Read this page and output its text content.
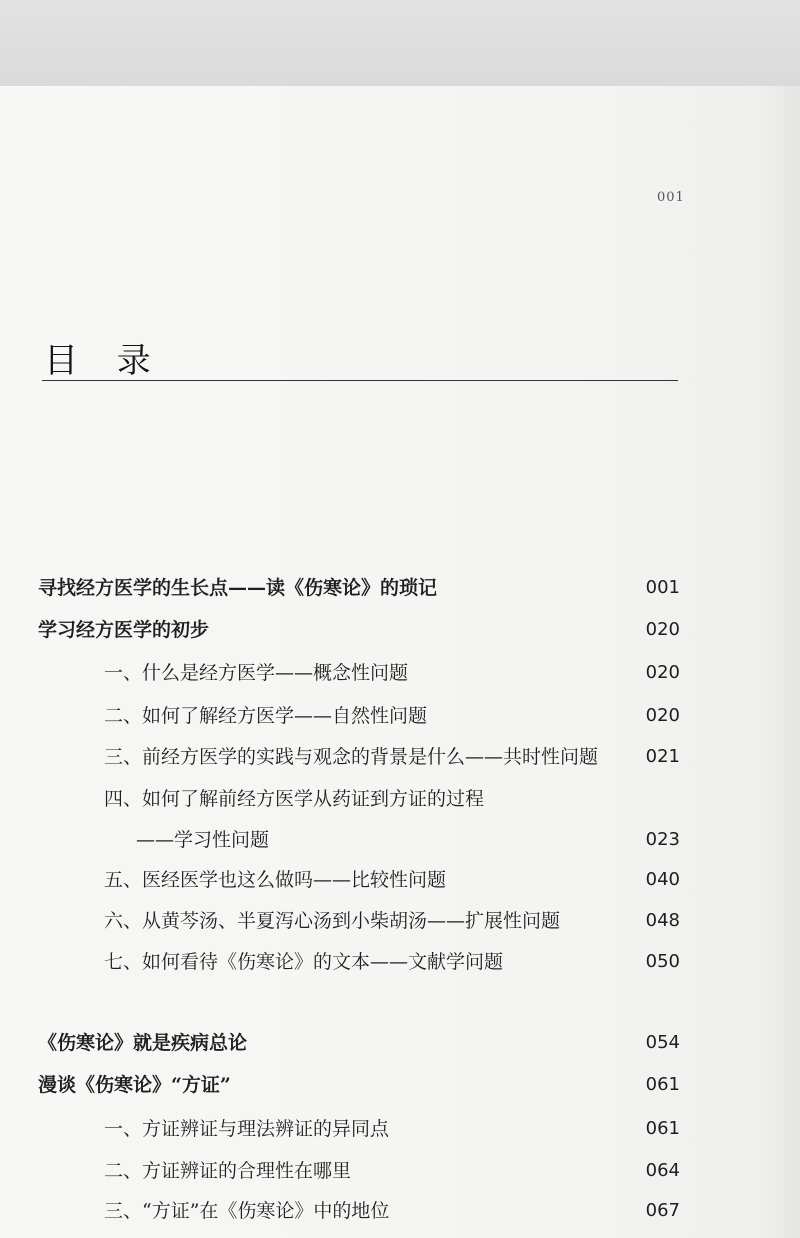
001
目 录
寻找经方医学的生长点——读《伤寒论》的琐记	001
学习经方医学的初步	020
一、什么是经方医学——概念性问题	020
二、如何了解经方医学——自然性问题	020
三、前经方医学的实践与观念的背景是什么——共时性问题	021
四、如何了解前经方医学从药证到方证的过程
——学习性问题	023
五、医经医学也这么做吗——比较性问题	040
六、从黄芩汤、半夏泻心汤到小柴胡汤——扩展性问题	048
七、如何看待《伤寒论》的文本——文献学问题	050
《伤寒论》就是疾病总论	054
漫谈《伤寒论》“方证”	061
一、方证辨证与理法辨证的异同点	061
二、方证辨证的合理性在哪里	064
三、“方证”在《伤寒论》中的地位	067
